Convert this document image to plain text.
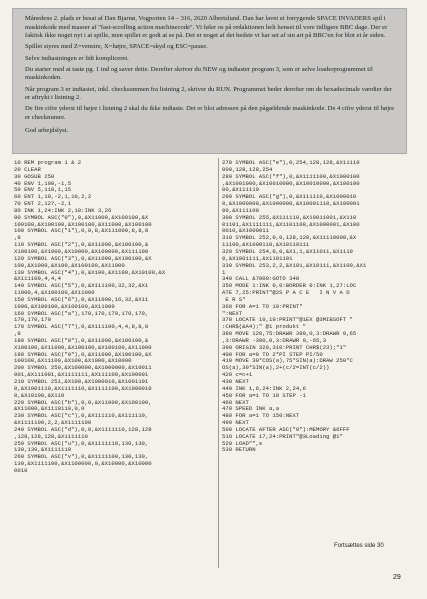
Månedens 2. plads er besat af Dan Bjarnø, Vogporten 14 – 316, 2620 Albertslund. Dan har lavet et forrygende SPACE INVADERS spil i maskinkode med masser af "fast-scrolling action machinecode". Vi føler os på redaktionen helt henset til vore tidligere BBC dage. Der er faktisk ikke noget nyt i at spille, men spillet er godt at se på. Det er noget af det bedste vi har set af sin art på BBC'en for blot et år siden.

Spillet styres med Z=venstre, X=højre, SPACE=skyd og ESC=pause.

Selve indtastningen er lidt kompliceret.

Du starter med at taste pg. 1 ind og saver dette. Derefter skriver du NEW og indtaster program 3, som er selve loaderprogrammet til maskinkoden.

Når program 3 er indtastet, inkl. checksummen fra listning 2, skriver du RUN. Programmet beder derefter om de hexadecimale værdier der er aftrykt i listning 2.

De fire cifre yderst til højre i listning 2 skal du ikke indtaste. Det er blot adressen på den pågældende maskinkode. De 4 cifre yderst til højre er checknumre.

God arbejdslyst.

10 REM program 1 & 2
20 CLEAR
30 GOSUB 250
40 ENV 1,100,-1,5
50 ENV 5,110,1,15
60 ENT 1,10,-2,1,10,2,2
70 ENT 2,127,-2,1
80 INK 1,24:INK 2,18:INK 3,26
90 SYMBOL ASC("0"),0,&X11000,&X100100,&X
100100,&X100100,&X100100,&X11000,&X100100
100 SYMBOL ASC("1"),0,8,8,&X111000,8,8,8
,8
110 SYMBOL ASC("2"),0,&X11000,&X100100,&
X100100,&X1000,&X10000,&X100000,&X111100
120 SYMBOL ASC("3"),0,&X11000,&X100100,&X
100,&X1000,&X100,&X100100,&X11000
130 SYMBOL ASC("4"),0,&X100,&X1100,&X10100,&X
&X111100,4,4,4
140 SYMBOL ASC("5"),0,&X111100,32,32,&X1
11000,4,&X100100,&X11000
150 SYMBOL ASC("6"),0,&X11000,16,32,&X11
1000,&X100100,&X100100,&X11000
160 SYMBOL ASC("a"),170,170,170,170,170,
170,170,170
170 SYMBOL ASC("7"),0,&X111100,4,4,8,8,8
,8
180 SYMBOL ASC("8"),0,&X11000,&X100100,&
X100100,&X11000,&X100100,&X100100,&X11000
190 SYMBOL ASC("9"),0,&X11000,&X100100,&X
100100,&X11100,&X100,&X1000,&X10000
200 SYMBOL 250,&X100000,&X1000000,&X10011
001,&X111001,&X1111111,&X111100,&X100001
210 SYMBOL 251,&X100,&X1000010,&X1001101
0,&X1001110,&X1111110,&X1111100,&X1000010
0,&X10100,&X110
220 SYMBOL ASC("b"),0,0,&X11000,&X100100,
&X11000,&X1110110,0,0
230 SYMBOL ASC("c"),0,&X111110,&X111110,
&X1111100,2,2,&X1111100
240 SYMBOL ASC("d"),0,0,&X1111110,128,128
,128,128,128,&X1111110
250 SYMBOL ASC("u"),0,&X1111110,130,130,
130,130,&X1111110
260 SYMBOL ASC("v"),0,&X1111100,130,130,
130,&X1111100,&X1100000,0,&X10000,&X10000
0010
270 SYMBOL ASC("e"),0,254,128,128,&X11110
000,128,128,254
280 SYMBOL ASC("f"),0,&X1111100,&X1000100
,&X1001000,&X10010000,&X10010000,&X100100
00,&X111110
290 SYMBOL ASC("g"),0,&X111110,&X1000010
0,&X1000000,&X1000000,&X10001110,&X100001
00,&X111100
300 SYMBOL 255,&X111110,&X10011001,&X110
01101,&X1111111,&X1101100,&X1000001,&X100
0010,&X1000011
310 SYMBOL 252,0,0,128,128,&X11110000,&X
11100,&X1000110,&X10110111
320 SYMBOL 254,0,0,&X1,1,&X11011,&X1110
0,&X1001111,&X1101101
330 SYMBOL 253,2,2,&X101,&X10111,&X1100,&X1
1
340 CALL &7000:GOTO 340
350 MODE 1:INK 0,0:BORDER 0:INK 1,27:LOC
ATE 7,25:PRINT"@2S P A C E   I N V A D
E R S"
360 FOR A=1 TO 19:PRINT"
":NEXT
370 LOCATE 10,19:PRINT"@1EX @3MIBSOFT "
:CHR$(&A4);" @1 produkt "
380 MOVE 120,75:DRAWR 390,0,3:DRAWR 0,65
,3:DRAWR -390,0,3:DRAWR 0,-65,3
390 ORIGIN 320,310:PRINT CHR$(23);"1"
400 FOR a=0 TO 2*PI STEP PI/50
410 MOVE 30*COS(a),75*SIN(a):DRAW 250*C
OS(a),30*SIN(a),2+(c/2=INT(c/2))
420 c=c+1
430 NEXT
440 INK 1,6,24:INK 2,24,6
450 FOR a=1 TO 10 STEP -1
460 NEXT
470 SPEED INK a,a
480 FOR a=1 TO 150:NEXT
490 NEXT
500 LOCATE AFTER ASC("0"):MEMORY &6FFF
510 LOCATE 17,24:PRINT"@3Loading @1"
520 LOAD"",s
530 RETURN
Fortsættes side 30
29
